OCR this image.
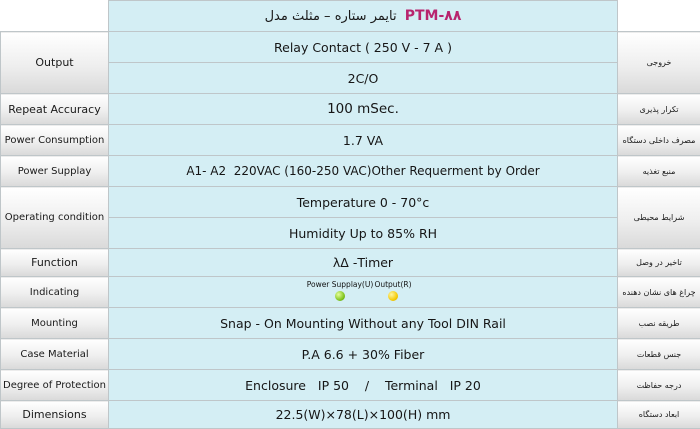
	تایمر ستاره – مثلث مدل PTM-٨٨	
Output	Relay Contact ( 250 V - 7 A )	خروجی
	2C/O	
Repeat Accuracy	100 mSec.	تکرار پذیری
Power Consumption	1.7 VA	مصرف داخلی دستگاه
Power Supplay	A1- A2  220VAC (160-250 VAC)Other Requerment by Order	منبع تغذیه
Operating condition	Temperature 0 - 70°c	شرایط محیطی
	Humidity Up to 85% RH	
Function	λΔ -Timer	تاخیر در وصل
Indicating	Power Supplay(U) Output(R)	چراغ های نشان دهنده
Mounting	Snap - On Mounting Without any Tool DIN Rail	طریقه نصب
Case Material	P.A 6.6 + 30% Fiber	جنس قطعات
Degree of Protection	Enclosure   IP 50    /    Terminal   IP 20	درجه حفاظت
Dimensions	22.5(W)×78(L)×100(H) mm	ابعاد دستگاه
